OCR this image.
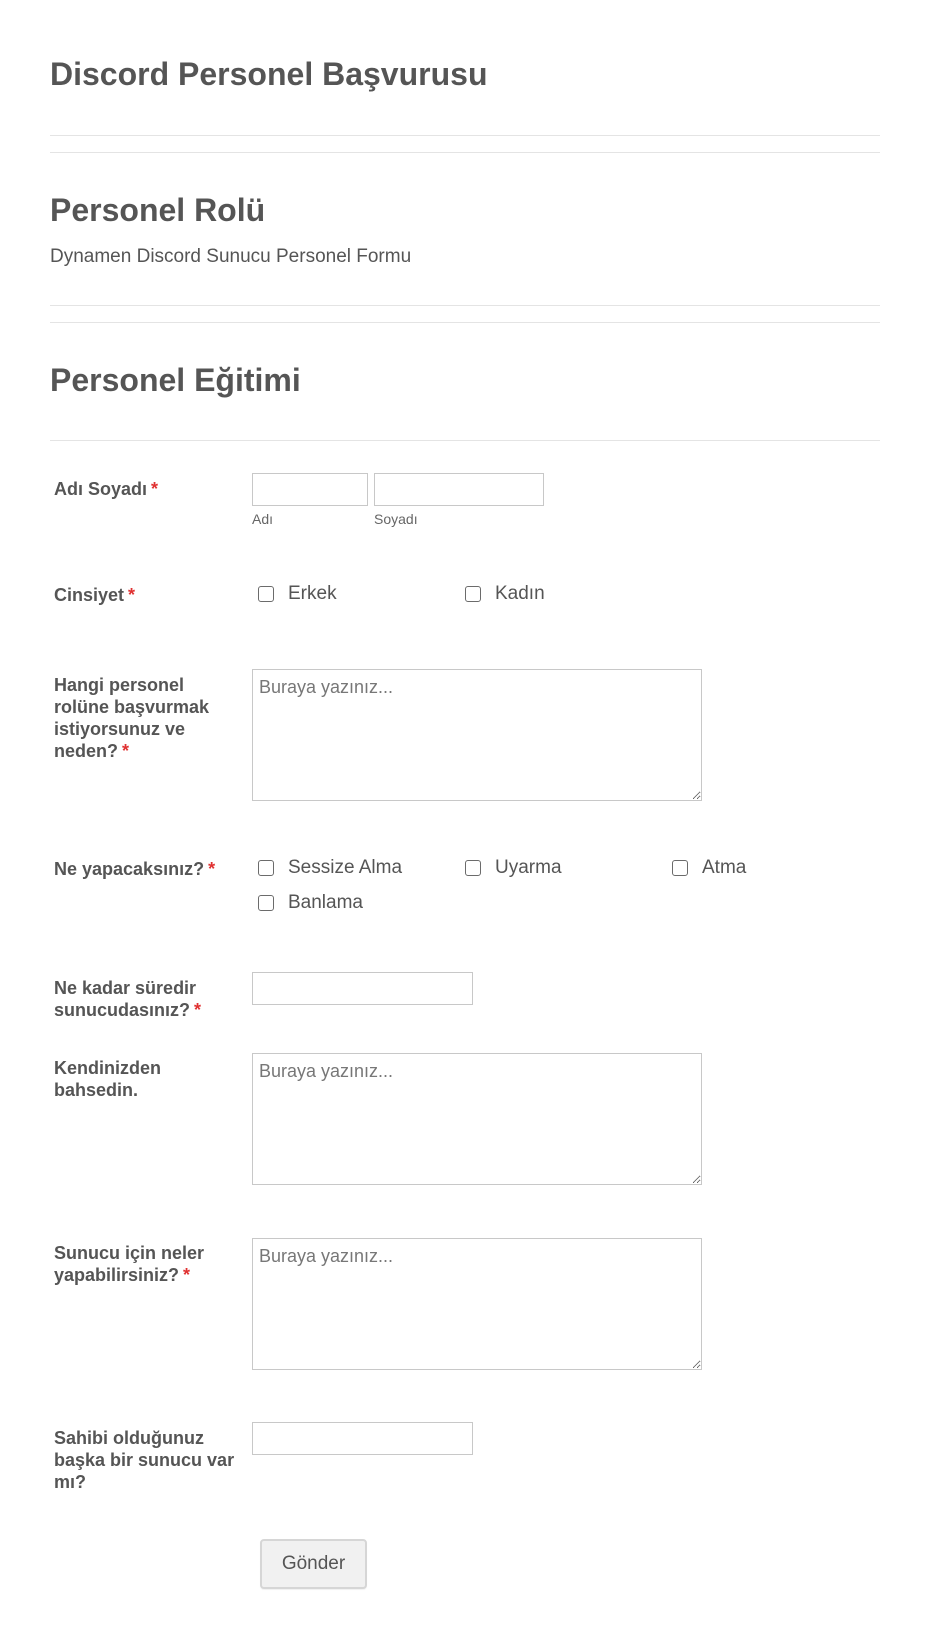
Discord Personel Başvurusu
Personel Rolü
Dynamen Discord Sunucu Personel Formu
Personel Eğitimi
Adı Soyadı *
Adı	Soyadı
Cinsiyet *	Erkek	Kadın
Hangi personel rolüne başvurmak istiyorsunuz ve neden? *
Buraya yazınız...
Ne yapacaksınız? *	Sessize Alma	Uyarma	Atma
Banlama
Ne kadar süredir sunucudasınız? *
Kendinizden bahsedin.
Buraya yazınız...
Sunucu için neler yapabilirsiniz? *
Buraya yazınız...
Sahibi olduğunuz başka bir sunucu var mı?
Gönder
